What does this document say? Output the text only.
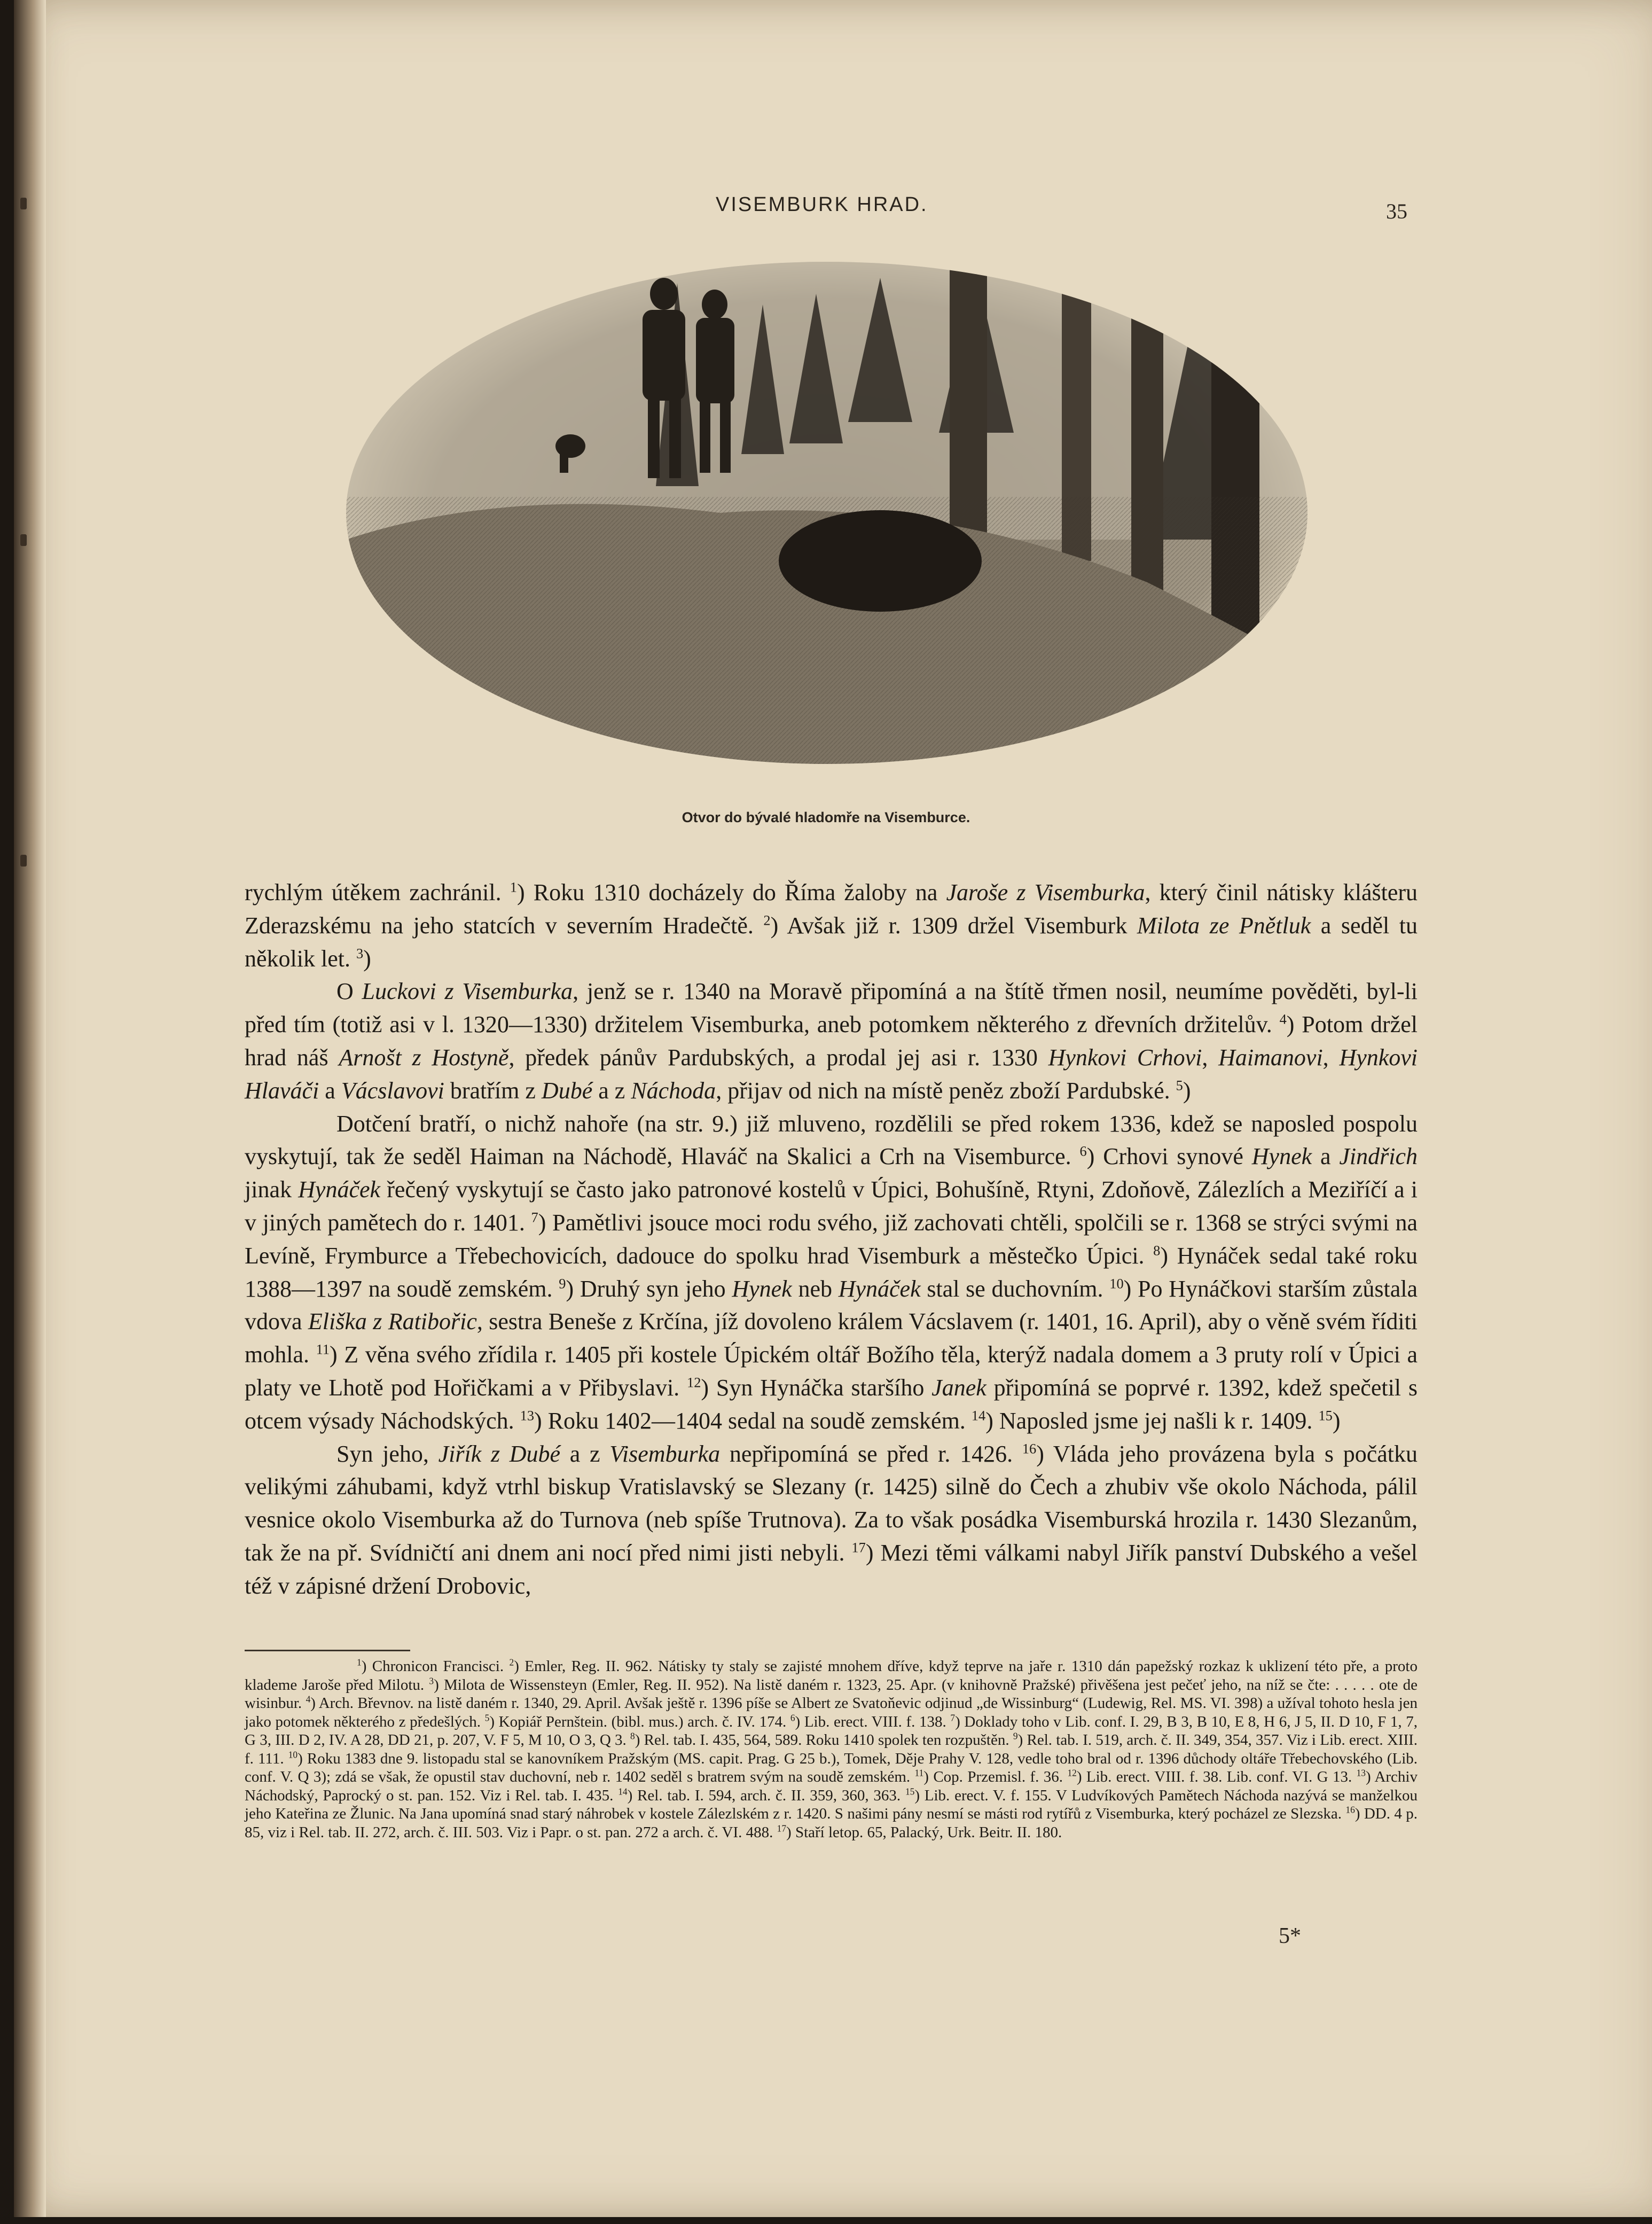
VISEMBURK HRAD.	35
Otvor do bývalé hladomře na Visemburce.

rychlým útěkem zachránil. $^1$) Roku 1310 docházely do Říma žaloby na Jaroše z Visemburka, který činil nátisky klášteru Zderazskému na jeho statcích v severním Hradečtě. $^2$) Avšak již r. 1309 držel Visemburk Milota ze Pnětluk a seděl tu několik let. $^3$)

O Luckovi z Visemburka, jenž se r. 1340 na Moravě připomíná a na štítě třmen nosil, neumíme pověděti, byl-li před tím (totiž asi v l. 1320—1330) držitelem Visemburka, aneb potomkem některého z dřevních držitelův. $^4$) Potom držel hrad náš Arnošt z Hostyně, předek pánův Pardubských, a prodal jej asi r. 1330 Hynkovi Crhovi, Haimanovi, Hynkovi Hlaváči a Vácslavovi bratřím z Dubé a z Náchoda, přijav od nich na místě peněz zboží Pardubské. $^5$)

Dotčení bratří, o nichž nahoře (na str. 9.) již mluveno, rozdělili se před rokem 1336, kdež se naposled pospolu vyskytují, tak že seděl Haiman na Náchodě, Hlaváč na Skalici a Crh na Visemburce. $^6$) Crhovi synové Hynek a Jindřich jinak Hynáček řečený vyskytují se často jako patronové kostelů v Úpici, Bohušíně, Rtyni, Zdoňově, Zálezlích a Meziříčí a i v jiných pamětech do r. 1401. $^7$) Pamětlivi jsouce moci rodu svého, již zachovati chtěli, spolčili se r. 1368 se strýci svými na Levíně, Frymburce a Třebechovicích, dadouce do spolku hrad Visemburk a městečko Úpici. $^8$) Hynáček sedal také roku 1388—1397 na soudě zemském. $^9$) Druhý syn jeho Hynek neb Hynáček stal se duchovním. $^{10}$) Po Hynáčkovi starším zůstala vdova Eliška z Ratibořic, sestra Beneše z Krčína, jíž dovoleno králem Vácslavem (r. 1401, 16. April), aby o věně svém říditi mohla. $^{11}$) Z věna svého zřídila r. 1405 při kostele Úpickém oltář Božího těla, kterýž nadala domem a 3 pruty rolí v Úpici a platy ve Lhotě pod Hořičkami a v Přibyslavi. $^{12}$) Syn Hynáčka staršího Janek připomíná se poprvé r. 1392, kdež spečetil s otcem výsady Náchodských. $^{13}$) Roku 1402—1404 sedal na soudě zemském. $^{14}$) Naposled jsme jej našli k r. 1409. $^{15}$)

Syn jeho, Jiřík z Dubé a z Visemburka nepřipomíná se před r. 1426. $^{16}$) Vláda jeho provázena byla s počátku velikými záhubami, když vtrhl biskup Vratislavský se Slezany (r. 1425) silně do Čech a zhubiv vše okolo Náchoda, pálil vesnice okolo Visemburka až do Turnova (neb spíše Trutnova). Za to však posádka Visemburská hrozila r. 1430 Slezanům, tak že na př. Svídničtí ani dnem ani nocí před nimi jisti nebyli. $^{17}$) Mezi těmi válkami nabyl Jiřík panství Dubského a vešel též v zápisné držení Drobovic,

$^1$) Chronicon Francisci. $^2$) Emler, Reg. II. 962. Nátisky ty staly se zajisté mnohem dříve, když teprve na jaře r. 1310 dán papežský rozkaz k uklizení této pře, a proto klademe Jaroše před Milotu. $^3$) Milota de Wissensteyn (Emler, Reg. II. 952). Na listě daném r. 1323, 25. Apr. (v knihovně Pražské) přivěšena jest pečeť jeho, na níž se čte: . . . . . ote de wisinbur. $^4$) Arch. Břevnov. na listě daném r. 1340, 29. April. Avšak ještě r. 1396 píše se Albert ze Svatoňevic odjinud „de Wissinburg“ (Ludewig, Rel. MS. VI. 398) a užíval tohoto hesla jen jako potomek některého z předešlých. $^5$) Kopiář Pernštein. (bibl. mus.) arch. č. IV. 174. $^6$) Lib. erect. VIII. f. 138. $^7$) Doklady toho v Lib. conf. I. 29, B 3, B 10, E 8, H 6, J 5, II. D 10, F 1, 7, G 3, III. D 2, IV. A 28, DD 21, p. 207, V. F 5, M 10, O 3, Q 3. $^8$) Rel. tab. I. 435, 564, 589. Roku 1410 spolek ten rozpuštěn. $^9$) Rel. tab. I. 519, arch. č. II. 349, 354, 357. Viz i Lib. erect. XIII. f. 111. $^{10}$) Roku 1383 dne 9. listopadu stal se kanovníkem Pražským (MS. capit. Prag. G 25 b.), Tomek, Děje Prahy V. 128, vedle toho bral od r. 1396 důchody oltáře Třebechovského (Lib. conf. V. Q 3); zdá se však, že opustil stav duchovní, neb r. 1402 seděl s bratrem svým na soudě zemském. $^{11}$) Cop. Przemisl. f. 36. $^{12}$) Lib. erect. VIII. f. 38. Lib. conf. VI. G 13. $^{13}$) Archiv Náchodský, Paprocký o st. pan. 152. Viz i Rel. tab. I. 435. $^{14}$) Rel. tab. I. 594, arch. č. II. 359, 360, 363. $^{15}$) Lib. erect. V. f. 155. V Ludvíkových Pamětech Náchoda nazývá se manželkou jeho Kateřina ze Žlunic. Na Jana upomíná snad starý náhrobek v kostele Zálezlském z r. 1420. S našimi pány nesmí se másti rod rytířů z Visemburka, který pocházel ze Slezska. $^{16}$) DD. 4 p. 85, viz i Rel. tab. II. 272, arch. č. III. 503. Viz i Papr. o st. pan. 272 a arch. č. VI. 488. $^{17}$) Staří letop. 65, Palacký, Urk. Beitr. II. 180.
5*
